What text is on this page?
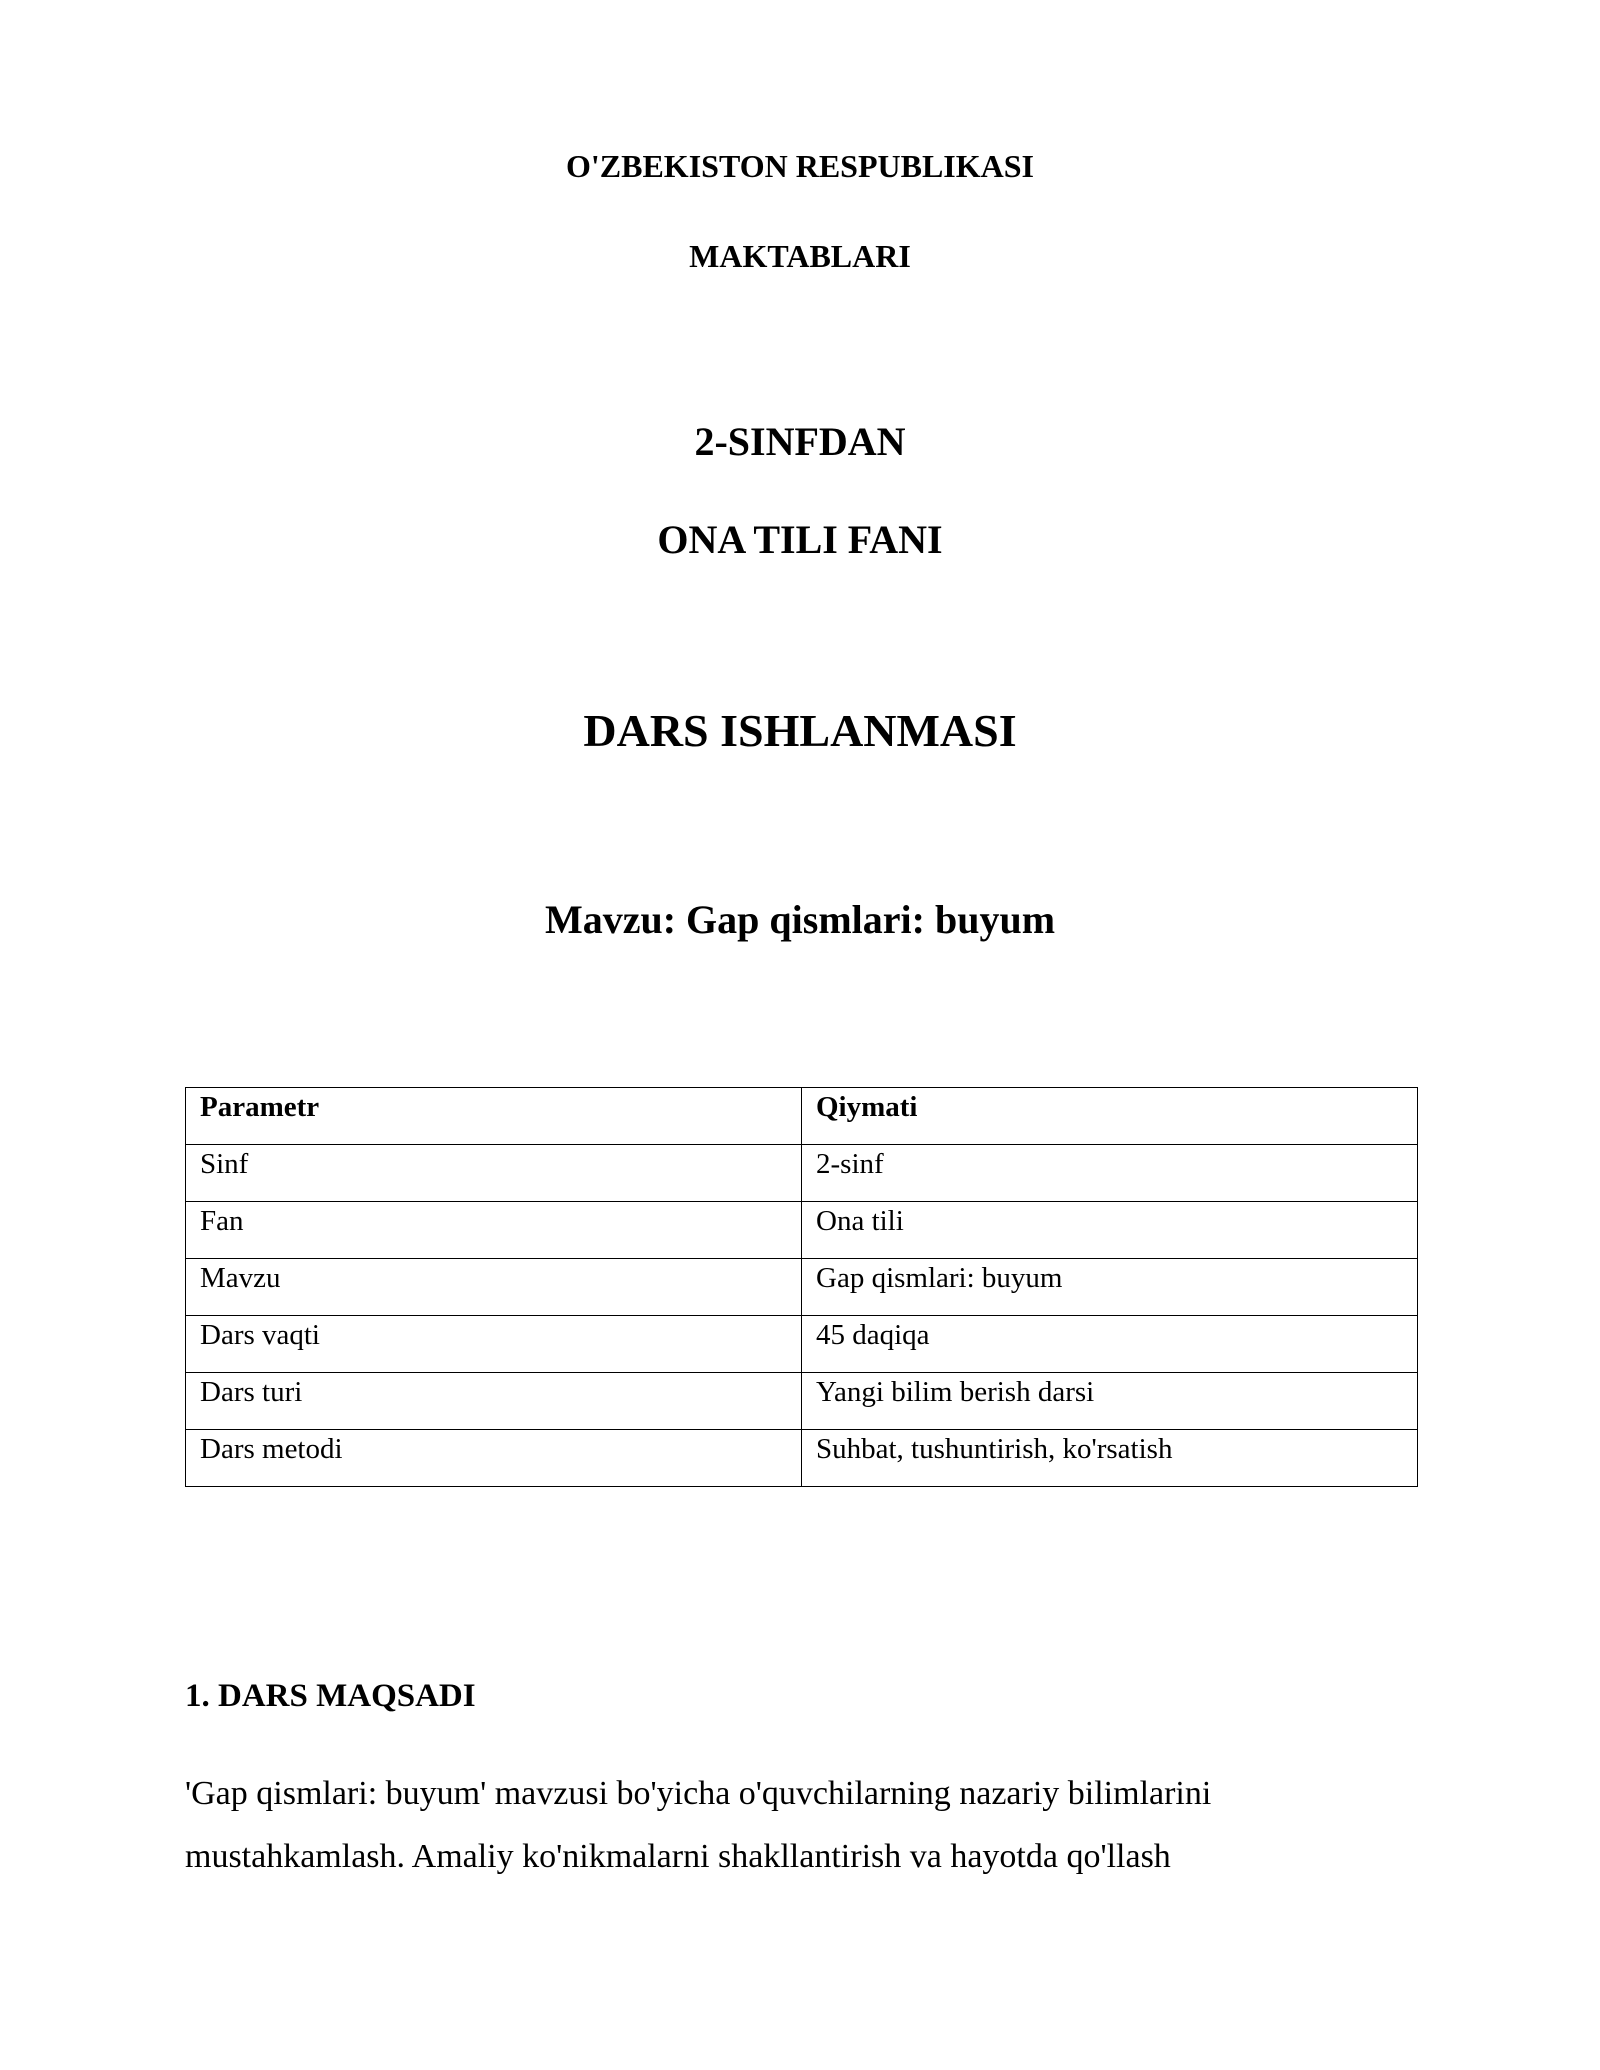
O'ZBEKISTON RESPUBLIKASI
MAKTABLARI
2-SINFDAN
ONA TILI FANI
DARS ISHLANMASI
Mavzu: Gap qismlari: buyum
Parametr	Qiymati
Sinf	2-sinf
Fan	Ona tili
Mavzu	Gap qismlari: buyum
Dars vaqti	45 daqiqa
Dars turi	Yangi bilim berish darsi
Dars metodi	Suhbat, tushuntirish, ko'rsatish
1. DARS MAQSADI
'Gap qismlari: buyum' mavzusi bo'yicha o'quvchilarning nazariy bilimlarini
mustahkamlash. Amaliy ko'nikmalarni shakllantirish va hayotda qo'llash
